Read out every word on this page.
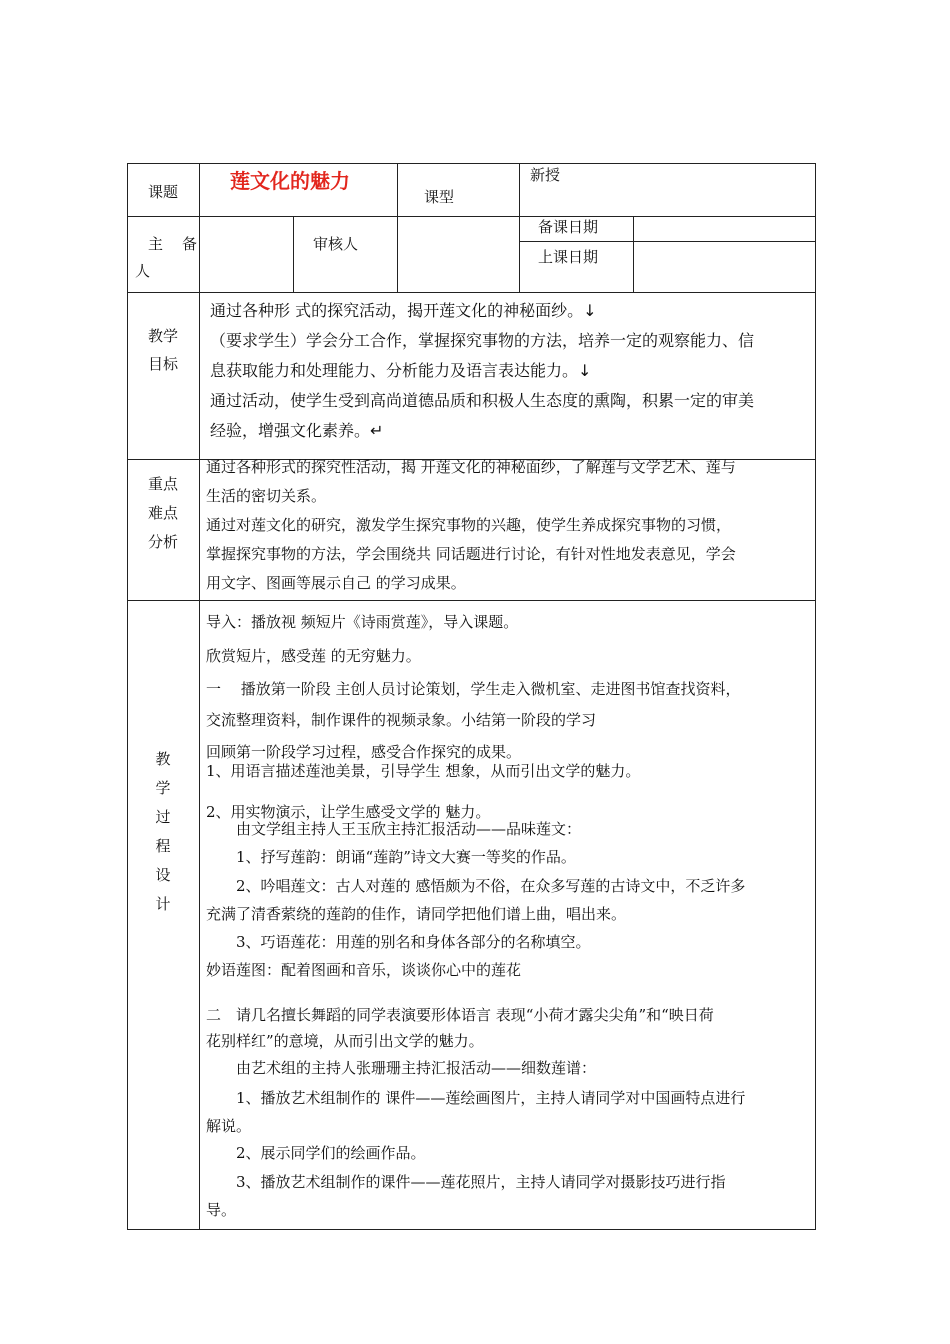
课题	莲文化的魅力
课型
新授
主　备
人
审核人
备课日期
上课日期
教学目标

通过各种形 式的探究活动，揭开莲文化的神秘面纱。↓

（要求学生）学会分工合作，掌握探究事物的方法，培养一定的观察能力、信

息获取能力和处理能力、分析能力及语言表达能力。↓

通过活动，使学生受到高尚道德品质和积极人生态度的熏陶，积累一定的审美

经验，增强文化素养。↵

重点
难点
分析

通过各种形式的探究性活动，揭 开莲文化的神秘面纱，了解莲与文学艺术、莲与

生活的密切关系。

通过对莲文化的研究，激发学生探究事物的兴趣，使学生养成探究事物的习惯，

掌握探究事物的方法，学会围绕共 同话题进行讨论，有针对性地发表意见，学会

用文字、图画等展示自己 的学习成果。

教
学
过
程
设
计
导入：播放视 频短片《诗雨赏莲》，导入课题。
欣赏短片，感受莲 的无穷魅力。
一　 播放第一阶段 主创人员讨论策划，学生走入微机室、走进图书馆查找资料，
交流整理资料，制作课件的视频录象。小结第一阶段的学习
回顾第一阶段学习过程，感受合作探究的成果。
1、用语言描述莲池美景，引导学生 想象，从而引出文学的魅力。
2、用实物演示，让学生感受文学的 魅力。
由文学组主持人王玉欣主持汇报活动——品味莲文：
1、抒写莲韵：朗诵“莲韵”诗文大赛一等奖的作品。
2、吟唱莲文：古人对莲的 感悟颇为不俗，在众多写莲的古诗文中，不乏许多
充满了清香萦绕的莲韵的佳作，请同学把他们谱上曲，唱出来。
3、巧语莲花：用莲的别名和身体各部分的名称填空。
妙语莲图：配着图画和音乐，谈谈你心中的莲花
二　请几名擅长舞蹈的同学表演要形体语言 表现“小荷才露尖尖角”和“映日荷
花别样红”的意境，从而引出文学的魅力。
由艺术组的主持人张珊珊主持汇报活动——细数莲谱：
1、播放艺术组制作的 课件——莲绘画图片，主持人请同学对中国画特点进行
解说。
2、展示同学们的绘画作品。
3、播放艺术组制作的课件——莲花照片，主持人请同学对摄影技巧进行指
导。
